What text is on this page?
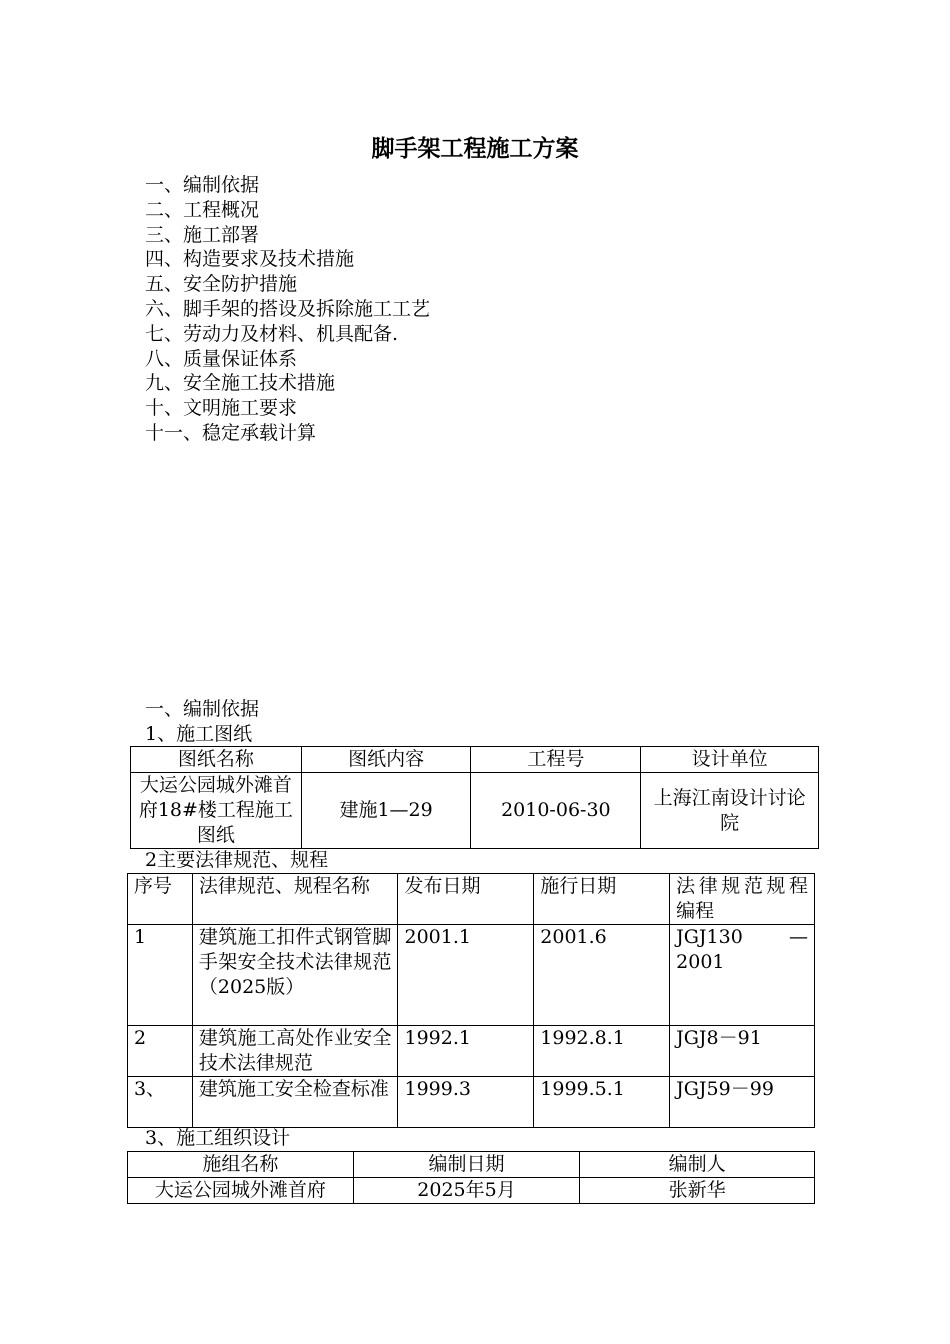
脚手架工程施工方案
一、编制依据
二、工程概况
三、施工部署
四、构造要求及技术措施
五、安全防护措施
六、脚手架的搭设及拆除施工工艺
七、劳动力及材料、机具配备.
八、质量保证体系
九、安全施工技术措施
十、文明施工要求
十一、稳定承载计算
一、编制依据
1、施工图纸
图纸名称	图纸内容	工程号	设计单位
大运公园城外滩首府18#楼工程施工图纸	建施1—29	2010-06-30	上海江南设计讨论院
2主要法律规范、规程
序号	法律规范、规程名称	发布日期	施行日期	法律规范规程编程
1	建筑施工扣件式钢管脚手架安全技术法律规范（2025版）	2001.1	2001.6	JGJ130　—2001
2	建筑施工高处作业安全技术法律规范	1992.1	1992.8.1	JGJ8－91
3、	建筑施工安全检查标准	1999.3	1999.5.1	JGJ59－99
3、施工组织设计
施组名称	编制日期	编制人
大运公园城外滩首府	2025年5月	张新华
